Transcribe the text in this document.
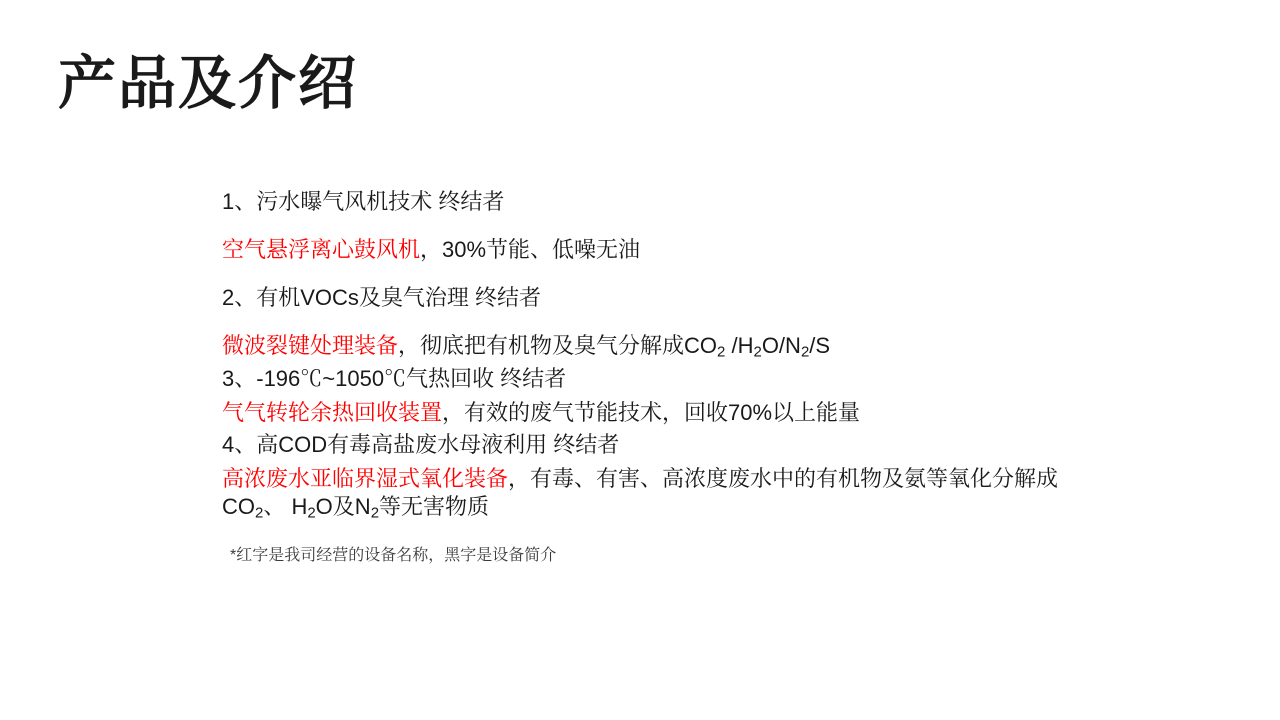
产品及介绍
1、污水曝气风机技术 终结者
空气悬浮离心鼓风机，30%节能、低噪无油
2、有机VOCs及臭气治理 终结者
微波裂键处理装备，彻底把有机物及臭气分解成$CO_2$ $/H_2O/N_2/S$
3、-196℃~1050℃气热回收 终结者
气气转轮余热回收装置，有效的废气节能技术，回收70%以上能量
4、高COD有毒高盐废水母液利用 终结者
高浓废水亚临界湿式氧化装备，有毒、有害、高浓度废水中的有机物及氨等氧化分解成$CO_2$、 $H_2O$及$N_2$等无害物质
*红字是我司经营的设备名称，黑字是设备简介
